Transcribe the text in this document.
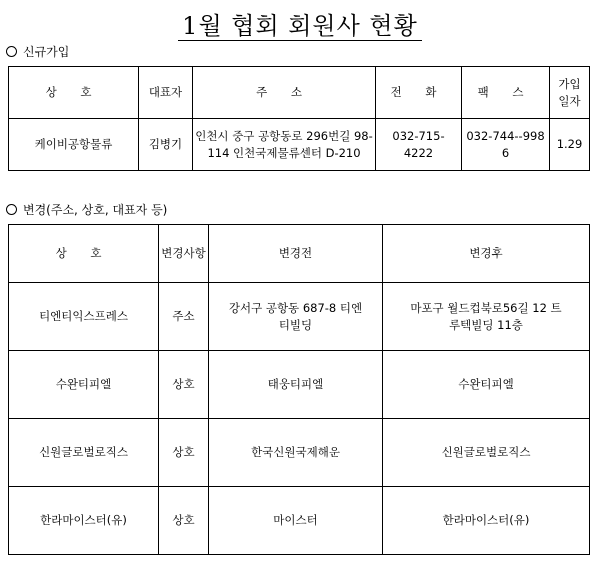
1월 협회 회원사 현황
신규가입
상 호	대표자	주 소	전 화	팩 스	가입 일자
케이비공항물류	김병기	인천시 중구 공항동로 296번길 98-114 인천국제물류센터 D-210	032-715-4222	032-744--9986	1.29
변경(주소, 상호, 대표자 등)
상 호	변경사항	변경전	변경후
티엔티익스프레스	주소	강서구 공항동 687-8 티엔티빌딩	마포구 월드컵북로56길 12 트루텍빌딩 11층
수완티피엘	상호	태웅티피엘	수완티피엘
신원글로벌로직스	상호	한국신원국제해운	신원글로벌로직스
한라마이스터(유)	상호	마이스터	한라마이스터(유)
